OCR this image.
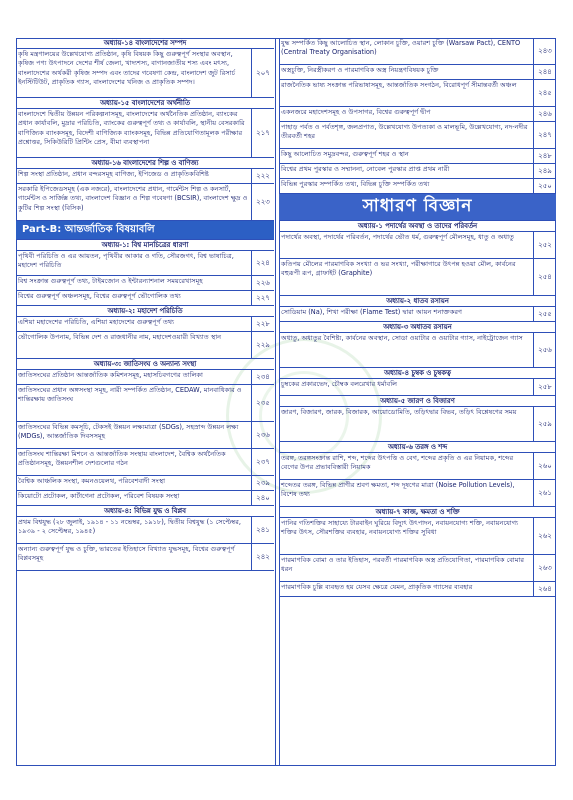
অধ্যায়-১৪ বাংলাদেশের সম্পদ
কৃষি মন্ত্রণালয়ের উল্লেখযোগ্য প্রতিষ্ঠান, কৃষি বিষয়ক কিছু গুরুত্বপূর্ণ সংস্থার অবস্থান, কৃষিজ পণ্য উৎপাদনে দেশের শীর্ষ জেলা, খাদ্যশস্য, বাগানজাতীয় শস্য এবং মৎস্য, বাংলাদেশের অর্থকরী কৃষিজ সম্পদ এবং তাদের গবেষণা কেন্দ্র, বাংলাদেশ জুট রিসার্চ ইনস্টিটিউট, প্রাকৃতিক গ্যাস, বাংলাদেশের খনিজ ও প্রাকৃতিক সম্পদ।
২০৭
অধ্যায়-১৫ বাংলাদেশের অর্থনীতি
বাংলাদেশে দ্বিতীয় উন্নয়ন পরিকল্পনাসমূহ, বাংলাদেশের অর্থনৈতিক প্রতিষ্ঠান, ব্যাংকের প্রধান কার্যাবলি, মুদ্রার পরিচিতি, ব্যাংকের গুরুত্বপূর্ণ তথ্য ও কার্যাবলি, স্থানীয় বেসরকারি বাণিজ্যিক ব্যাংকসমূহ, বিদেশী বাণিজ্যিক ব্যাংকসমূহ, বিভিন্ন প্রতিযোগিতামূলক পরীক্ষার প্রশ্নোত্তর, সিকিউরিটি প্রিন্টিং প্রেস, বীমা ব্যবস্থাপনা
২১৭
অধ্যায়-১৬ বাংলাদেশের শিল্প ও বাণিজ্য
শিল্প সংস্থা প্রতিষ্ঠান, প্রধান বন্দরসমূহ বাণিজ্য, ইপিজেড ও প্রাকৃতিকবিশিষ্ট	২২২
সরকারি ইপিজেডসমূহ (এক নজরে), বাংলাদেশের প্রধান, গার্মেন্টস শিল্প ও কনসার্ট, গার্মেন্টস ও সার্জিক্স তথ্য, বাংলাদেশ বিজ্ঞান ও শিল্প গবেষণা (BCSIR), বাংলাদেশ ক্ষুদ্র ও কুটির শিল্প সংস্থা (বিসিক)
২২৩
Part-B: আন্তর্জাতিক বিষয়াবলি
অধ্যায়-১: বিশ্ব মানচিত্রের ধারণা
পৃথিবী পরিচিতি ও এর আয়তন, পৃথিবীর আকার ও গতি, সৌরজগৎ, বিশ্ব ভাষাচিত্র, মহাদেশ পরিচিতি	২২৪
বিশ্ব সংক্রান্ত গুরুত্বপূর্ণ তথ্য, টাইমজোন ও ইন্টারন্যাশনাল সময়রেখাসমূহ	২২৬
বিশ্বের গুরুত্বপূর্ণ অঞ্চলসমূহ, বিশ্বের গুরুত্বপূর্ণ ভৌগোলিক তথ্য	২২৭
অধ্যায়-২: মহাদেশ পরিচিতি
এশিয়া মহাদেশের পরিচিতি, এশিয়া মহাদেশের গুরুত্বপূর্ণ তথ্য	২২৮
ভৌগোলিক উপনাম, বিভিন্ন দেশ ও রাজধানীর নাম, মহাদেশওয়ারী বিখ্যাত স্থান
২২৯
অধ্যায়-৩: জাতিসংঘ ও অন্যান্য সংস্থা
জাতিসংঘের প্রতিষ্ঠান আন্তর্জাতিক কমিশনসমূহ, মহাসচিবগণের তালিকা	২৩৪
জাতিসংঘের প্রধান অঙ্গসংস্থা সমূহ, নারী সম্পর্কিত প্রতিষ্ঠান, CEDAW, মানবাধিকার ও শান্তিরক্ষায় জাতিসংঘ	২৩৫
জাতিসংঘের বিভিন্ন কমসূচি, টেকসই উন্নয়ন লক্ষ্যমাত্রা (SDGs), সহস্রাব্দ উন্নয়ন লক্ষ্য (MDGs), আন্তর্জাতিক দিবসসমূহ	২৩৬
জাতিসংঘ শান্তিরক্ষা মিশনে ও আন্তর্জাতিক সংস্থায় বাংলাদেশ, বৈশ্বিক অর্থনৈতিক প্রতিষ্ঠানসমূহ, উন্নয়নশীল দেশগুলোর গঠন	২৩৭
বৈশ্বিক আঞ্চলিক সংস্থা, কমনওয়েলথ, পরিবেশবাদী সংস্থা	২৩৯
কিয়োটো প্রটোকল, কার্টাগেনা প্রটোকল, পরিবেশ বিষয়ক সংস্থা	২৪০
অধ্যায়-৪: বিভিন্ন যুদ্ধ ও বিপ্লব
প্রথম বিশ্বযুদ্ধ (২৮ জুলাই, ১৯১৪ - ১১ নভেম্বর, ১৯১৮), দ্বিতীয় বিশ্বযুদ্ধ (১ সেপ্টেম্বর, ১৯৩৯ - ২ সেপ্টেম্বর, ১৯৪৫)	২৪১
অন্যান্য গুরুত্বপূর্ণ যুদ্ধ ও চুক্তি, ভারতের ইতিহাসে বিখ্যাত যুদ্ধসমূহ, বিশ্বের গুরুত্বপূর্ণ বিপ্লবসমূহ	২৪২
যুদ্ধ সম্পর্কিত কিছু আলোচিত স্থান, লোকান চুক্তি, ওয়ারশ চুক্তি (Warsaw Pact), CENTO (Central Treaty Organisation)	২৪৩
অস্ত্রচুক্তি, নিরস্ত্রীকরণ ও পারমাণবিক অস্ত্র নিয়ন্ত্রণবিষয়ক চুক্তি	২৪৪
রাজনৈতিক ভাষ্য সংক্রান্ত পরিভাষাসমূহ, আন্তর্জাতিক সংগঠন, বিরোধপূর্ণ সীমান্তবর্তী অঞ্চল
২৪৫
একনজরে মহাদেশসমূহ ও উপসাগর, বিশ্বের গুরুত্বপূর্ণ দ্বীপ	২৪৬
পাহাড় পর্বত ও পর্বতশৃঙ্গ, জলপ্রপাত, উল্লেখযোগ্য উপত্যকা ও মালভূমি, উল্লেখযোগ্য, নদ-নদীর তীরবর্তী শহর	২৪৭
কিছু আলোচিত সমুদ্রবন্দর, গুরুত্বপূর্ণ শহর ও স্থান	২৪৮
বিশ্বের প্রথম পুরস্কার ও সম্মাননা, নোবেল পুরস্কার প্রাপ্ত প্রথম নারী	২৪৯
বিভিন্ন পুরস্কার সম্পর্কিত তথ্য, বিভিন্ন চুক্তি সম্পর্কিত তথ্য	২৫০
সাধারণ বিজ্ঞান
অধ্যায়-১ পদার্থের অবস্থা ও তাদের পরিবর্তন
পদার্থের অবস্থা, পদার্থের পরিবর্তন, পদার্থের ভৌত ধর্ম, গুরুত্বপূর্ণ মৌলসমূহ, ধাতু ও অধাতু
২৫২
কতিপয় মৌলের পারমাণবিক সংখ্যা ও ভর সংখ্যা, পরীক্ষাগারে উৎপন্ন হওয়া মৌল, কার্বনের বহুরূপী রূপ, গ্রাফাইট (Graphite)	২৫৪
অধ্যায়-২ ধাতব রসায়ন
সোডিয়াম (Na), শিখা পরীক্ষা (Flame Test) দ্বারা আয়ন শনাক্তকরণ	২৫৫
অধ্যায়-৩ অধাতব রসায়ন
অধাতু, অধাতুর বৈশিষ্ট্য, কার্বনের অবস্থান, সোডা ওয়াটার ও ওয়াটার গ্যাস, নাইট্রোজেন গ্যাস
২৫৬
অধ্যায়-৪ চুম্বক ও চুম্বকত্ব
চুম্বকের প্রকারভেদ, চৌম্বক বলরেখার ধর্মাবলি	২৫৮
অধ্যায়-৫ জারণ ও বিজারণ
জারণ, বিজারণ, জারক, বিজারক, আয়োডোমিতি, তড়িৎদ্বার বিভব, তড়িৎ বিশ্লেষণের সময়
২৫৯
অধ্যায়-৬ তরঙ্গ ও শব্দ
তরঙ্গ, তরঙ্গসংক্রান্ত রাশি, শব্দ, শব্দের উৎপত্তি ও বেগ, শব্দের প্রকৃতি ও এর নিয়ামক, শব্দের বেগের উপর প্রভাববিস্তারী নিয়ামক	২৬০
শব্দেতর তরঙ্গ, বিভিন্ন প্রাণীর শ্রবণ ক্ষমতা, শব্দ দূষণের মাত্রা (Noise Pollution Levels), বিশেষ তথ্য	২৬১
অধ্যায়-৭ কাজ, ক্ষমতা ও শক্তি
পানির গতিশক্তির সাহায্যে টারবাইন ঘুরিয়ে বিদ্যুৎ উৎপাদন, নবায়নযোগ্য শক্তি, নবায়নযোগ্য শক্তির উৎস, সৌরশক্তির ব্যবহার, নবায়নযোগ্য শক্তির সুবিধা	২৬২
পারমাণবিক বোমা ও তার ইতিহাস, পরবর্তী পারমাণবিক অস্ত্র প্রতিযোগিতা, পারমাণবিক বোমার ধরন	২৬৩
পারমাণবিক চুল্লি ব্যবহৃত হয় যেসব ক্ষেত্রে যেমন, প্রাকৃতিক গ্যাসের ব্যবহার	২৬৪
